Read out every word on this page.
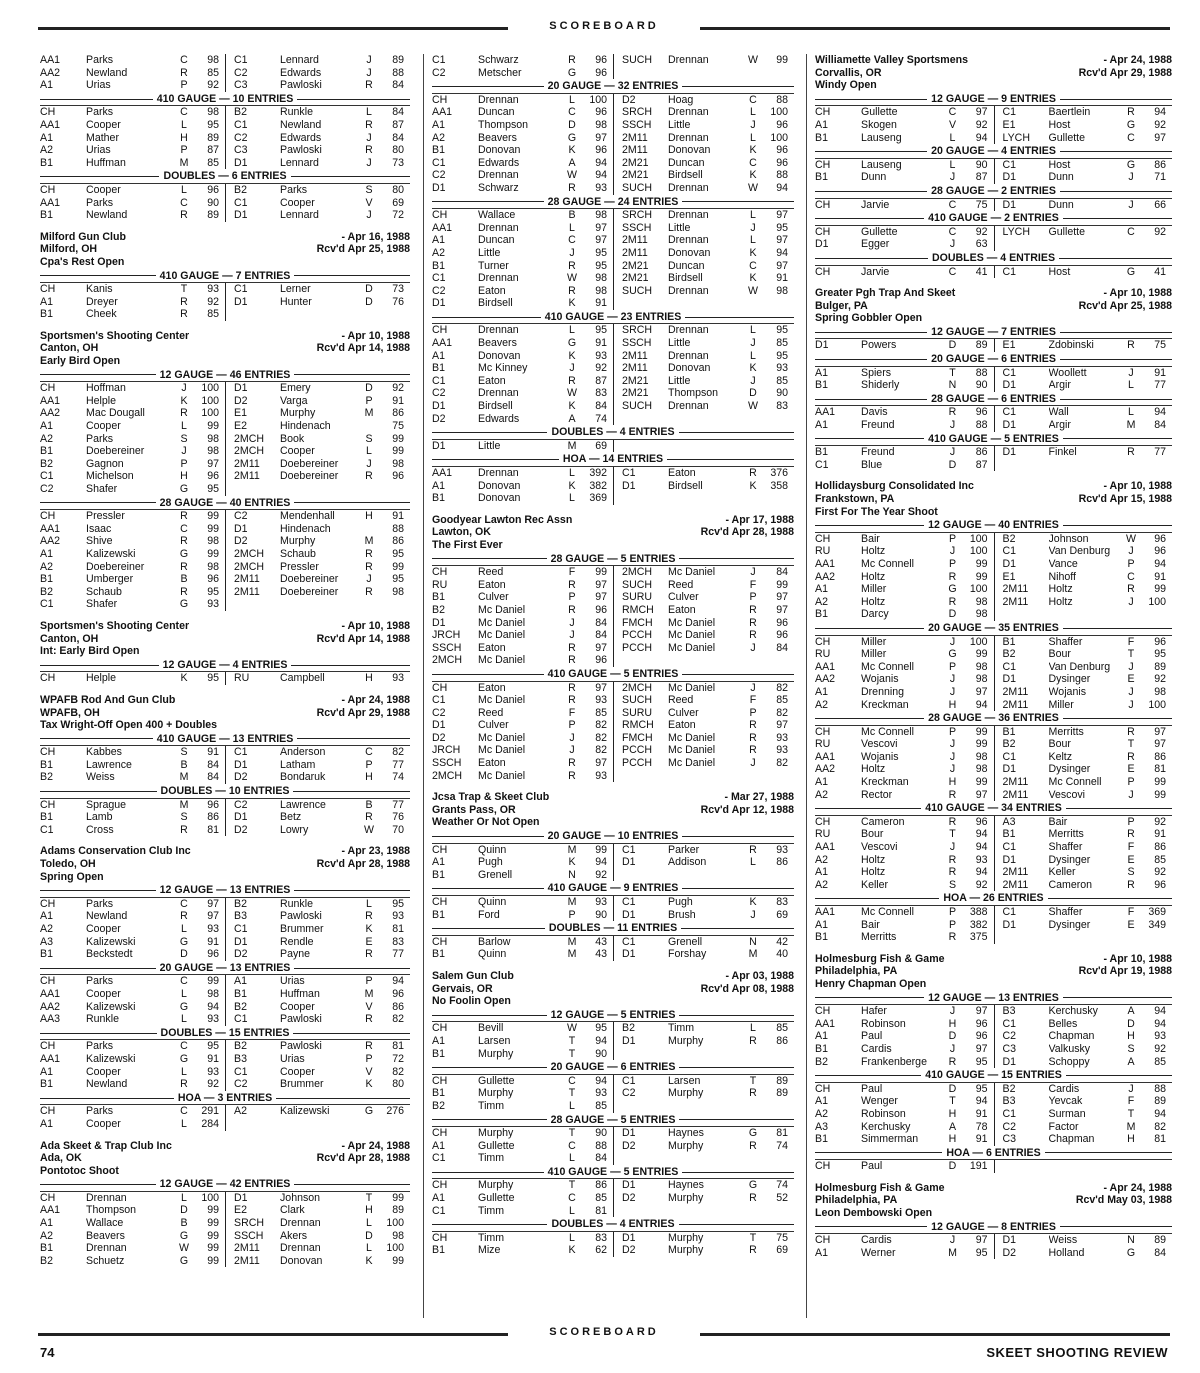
SCOREBOARD
AA1	Parks	C	98	C1	Lennard	J	89
AA2	Newland	R	85	C2	Edwards	J	88
A1	Urias	P	92	C3	Pawloski	R	84
410 GAUGE — 10 ENTRIES
CH	Parks	C	98	B2	Runkle	L	84
AA1	Cooper	L	95	C1	Newland	R	87
A1	Mather	H	89	C2	Edwards	J	84
A2	Urias	P	87	C3	Pawloski	R	80
B1	Huffman	M	85	D1	Lennard	J	73
DOUBLES — 6 ENTRIES
CH	Cooper	L	96	B2	Parks	S	80
AA1	Parks	C	90	C1	Cooper	V	69
B1	Newland	R	89	D1	Lennard	J	72
Milford Gun Club	- Apr 16, 1988
Milford, OH	Rcv'd Apr 25, 1988
Cpa's Rest Open
410 GAUGE — 7 ENTRIES
CH	Kanis	T	93	C1	Lerner	D	73
A1	Dreyer	R	92	D1	Hunter	D	76
B1	Cheek	R	85
Sportsmen's Shooting Center	- Apr 10, 1988
Canton, OH	Rcv'd Apr 14, 1988
Early Bird Open
12 GAUGE — 46 ENTRIES
CH	Hoffman	J	100	D1	Emery	D	92
AA1	Helple	K	100	D2	Varga	P	91
AA2	Mac Dougall	R	100	E1	Murphy	M	86
A1	Cooper	L	99	E2	Hindenach	75
A2	Parks	S	98	2MCH	Book	S	99
B1	Doebereiner	J	98	2MCH	Cooper	L	99
B2	Gagnon	P	97	2M11	Doebereiner	J	98
C1	Michelson	H	96	2M11	Doebereiner	R	96
C2	Shafer	G	95
28 GAUGE — 40 ENTRIES
CH	Pressler	R	99	C2	Mendenhall	H	91
AA1	Isaac	C	99	D1	Hindenach	88
AA2	Shive	R	98	D2	Murphy	M	86
A1	Kalizewski	G	99	2MCH	Schaub	R	95
A2	Doebereiner	R	98	2MCH	Pressler	R	99
B1	Umberger	B	96	2M11	Doebereiner	J	95
B2	Schaub	R	95	2M11	Doebereiner	R	98
C1	Shafer	G	93
Sportsmen's Shooting Center	- Apr 10, 1988
Canton, OH	Rcv'd Apr 14, 1988
Int: Early Bird Open
12 GAUGE — 4 ENTRIES
CH	Helple	K	95	RU	Campbell	H	93
WPAFB Rod And Gun Club	- Apr 24, 1988
WPAFB, OH	Rcv'd Apr 29, 1988
Tax Wright-Off Open 400 + Doubles
410 GAUGE — 13 ENTRIES
CH	Kabbes	S	91	C1	Anderson	C	82
B1	Lawrence	B	84	D1	Latham	P	77
B2	Weiss	M	84	D2	Bondaruk	H	74
DOUBLES — 10 ENTRIES
CH	Sprague	M	96	C2	Lawrence	B	77
B1	Lamb	S	86	D1	Betz	R	76
C1	Cross	R	81	D2	Lowry	W	70
Adams Conservation Club Inc	- Apr 23, 1988
Toledo, OH	Rcv'd Apr 28, 1988
Spring Open
12 GAUGE — 13 ENTRIES
CH	Parks	C	97	B2	Runkle	L	95
A1	Newland	R	97	B3	Pawloski	R	93
A2	Cooper	L	93	C1	Brummer	K	81
A3	Kalizewski	G	91	D1	Rendle	E	83
B1	Beckstedt	D	96	D2	Payne	R	77
20 GAUGE — 13 ENTRIES
CH	Parks	C	99	A1	Urias	P	94
AA1	Cooper	L	98	B1	Huffman	M	96
AA2	Kalizewski	G	94	B2	Cooper	V	86
AA3	Runkle	L	93	C1	Pawloski	R	82
DOUBLES — 15 ENTRIES
CH	Parks	C	95	B2	Pawloski	R	81
AA1	Kalizewski	G	91	B3	Urias	P	72
A1	Cooper	L	93	C1	Cooper	V	82
B1	Newland	R	92	C2	Brummer	K	80
HOA — 3 ENTRIES
CH	Parks	C	291	A2	Kalizewski	G	276
A1	Cooper	L	284
Ada Skeet & Trap Club Inc	- Apr 24, 1988
Ada, OK	Rcv'd Apr 28, 1988
Pontotoc Shoot
12 GAUGE — 42 ENTRIES
CH	Drennan	L	100	D1	Johnson	T	99
AA1	Thompson	D	99	E2	Clark	H	89
A1	Wallace	B	99	SRCH	Drennan	L	100
A2	Beavers	G	99	SSCH	Akers	D	98
B1	Drennan	W	99	2M11	Drennan	L	100
B2	Schuetz	G	99	2M11	Donovan	K	99
C1	Schwarz	R	96	SUCH	Drennan	W	99
C2	Metscher	G	96
20 GAUGE — 32 ENTRIES
CH	Drennan	L	100	D2	Hoag	C	88
AA1	Duncan	C	96	SRCH	Drennan	L	100
A1	Thompson	D	98	SSCH	Little	J	96
A2	Beavers	G	97	2M11	Drennan	L	100
B1	Donovan	K	96	2M11	Donovan	K	96
C1	Edwards	A	94	2M21	Duncan	C	96
C2	Drennan	W	94	2M21	Birdsell	K	88
D1	Schwarz	R	93	SUCH	Drennan	W	94
28 GAUGE — 24 ENTRIES
CH	Wallace	B	98	SRCH	Drennan	L	97
AA1	Drennan	L	97	SSCH	Little	J	95
A1	Duncan	C	97	2M11	Drennan	L	97
A2	Little	J	95	2M11	Donovan	K	94
B1	Turner	R	95	2M21	Duncan	C	97
C1	Drennan	W	98	2M21	Birdsell	K	91
C2	Eaton	R	98	SUCH	Drennan	W	98
D1	Birdsell	K	91
410 GAUGE — 23 ENTRIES
CH	Drennan	L	95	SRCH	Drennan	L	95
AA1	Beavers	G	91	SSCH	Little	J	85
A1	Donovan	K	93	2M11	Drennan	L	95
B1	Mc Kinney	J	92	2M11	Donovan	K	93
C1	Eaton	R	87	2M21	Little	J	85
C2	Drennan	W	83	2M21	Thompson	D	90
D1	Birdsell	K	84	SUCH	Drennan	W	83
D2	Edwards	A	74
DOUBLES — 4 ENTRIES
D1	Little	M	69
HOA — 14 ENTRIES
AA1	Drennan	L	392	C1	Eaton	R	376
A1	Donovan	K	382	D1	Birdsell	K	358
B1	Donovan	L	369
Goodyear Lawton Rec Assn	- Apr 17, 1988
Lawton, OK	Rcv'd Apr 28, 1988
The First Ever
28 GAUGE — 5 ENTRIES
CH	Reed	F	99	2MCH	Mc Daniel	J	84
RU	Eaton	R	97	SUCH	Reed	F	99
B1	Culver	P	97	SURU	Culver	P	97
B2	Mc Daniel	R	96	RMCH	Eaton	R	97
D1	Mc Daniel	J	84	FMCH	Mc Daniel	R	96
JRCH	Mc Daniel	J	84	PCCH	Mc Daniel	R	96
SSCH	Eaton	R	97	PCCH	Mc Daniel	J	84
2MCH	Mc Daniel	R	96
410 GAUGE — 5 ENTRIES
CH	Eaton	R	97	2MCH	Mc Daniel	J	82
C1	Mc Daniel	R	93	SUCH	Reed	F	85
C2	Reed	F	85	SURU	Culver	P	82
D1	Culver	P	82	RMCH	Eaton	R	97
D2	Mc Daniel	J	82	FMCH	Mc Daniel	R	93
JRCH	Mc Daniel	J	82	PCCH	Mc Daniel	R	93
SSCH	Eaton	R	97	PCCH	Mc Daniel	J	82
2MCH	Mc Daniel	R	93
Jcsa Trap & Skeet Club	- Mar 27, 1988
Grants Pass, OR	Rcv'd Apr 12, 1988
Weather Or Not Open
20 GAUGE — 10 ENTRIES
CH	Quinn	M	99	C1	Parker	R	93
A1	Pugh	K	94	D1	Addison	L	86
B1	Grenell	N	92
410 GAUGE — 9 ENTRIES
CH	Quinn	M	93	C1	Pugh	K	83
B1	Ford	P	90	D1	Brush	J	69
DOUBLES — 11 ENTRIES
CH	Barlow	M	43	C1	Grenell	N	42
B1	Quinn	M	43	D1	Forshay	M	40
Salem Gun Club	- Apr 03, 1988
Gervais, OR	Rcv'd Apr 08, 1988
No Foolin Open
12 GAUGE — 5 ENTRIES
CH	Bevill	W	95	B2	Timm	L	85
A1	Larsen	T	94	D1	Murphy	R	86
B1	Murphy	T	90
20 GAUGE — 6 ENTRIES
CH	Gullette	C	94	C1	Larsen	T	89
B1	Murphy	T	93	C2	Murphy	R	89
B2	Timm	L	85
28 GAUGE — 5 ENTRIES
CH	Murphy	T	90	D1	Haynes	G	81
A1	Gullette	C	88	D2	Murphy	R	74
C1	Timm	L	84
410 GAUGE — 5 ENTRIES
CH	Murphy	T	86	D1	Haynes	G	74
A1	Gullette	C	85	D2	Murphy	R	52
C1	Timm	L	81
DOUBLES — 4 ENTRIES
CH	Timm	L	83	D1	Murphy	T	75
B1	Mize	K	62	D2	Murphy	R	69
Williamette Valley Sportsmens	- Apr 24, 1988
Corvallis, OR	Rcv'd Apr 29, 1988
Windy Open
12 GAUGE — 9 ENTRIES
CH	Gullette	C	97	C1	Baertlein	R	94
A1	Skogen	V	92	E1	Host	G	92
B1	Lauseng	L	94	LYCH	Gullette	C	97
20 GAUGE — 4 ENTRIES
CH	Lauseng	L	90	C1	Host	G	86
B1	Dunn	J	87	D1	Dunn	J	71
28 GAUGE — 2 ENTRIES
CH	Jarvie	C	75	D1	Dunn	J	66
410 GAUGE — 2 ENTRIES
CH	Gullette	C	92	LYCH	Gullette	C	92
D1	Egger	J	63
DOUBLES — 4 ENTRIES
CH	Jarvie	C	41	C1	Host	G	41
Greater Pgh Trap And Skeet	- Apr 10, 1988
Bulger, PA	Rcv'd Apr 25, 1988
Spring Gobbler Open
12 GAUGE — 7 ENTRIES
D1	Powers	D	89	E1	Zdobinski	R	75
20 GAUGE — 6 ENTRIES
A1	Spiers	T	88	C1	Woollett	J	91
B1	Shiderly	N	90	D1	Argir	L	77
28 GAUGE — 6 ENTRIES
AA1	Davis	R	96	C1	Wall	L	94
A1	Freund	J	88	D1	Argir	M	84
410 GAUGE — 5 ENTRIES
B1	Freund	J	86	D1	Finkel	R	77
C1	Blue	D	87
Hollidaysburg Consolidated Inc	- Apr 10, 1988
Frankstown, PA	Rcv'd Apr 15, 1988
First For The Year Shoot
12 GAUGE — 40 ENTRIES
CH	Bair	P	100	B2	Johnson	W	96
RU	Holtz	J	100	C1	Van Denburg	J	96
AA1	Mc Connell	P	99	D1	Vance	P	94
AA2	Holtz	R	99	E1	Nihoff	C	91
A1	Miller	G	100	2M11	Holtz	R	99
A2	Holtz	R	98	2M11	Holtz	J	100
B1	Darcy	D	98
20 GAUGE — 35 ENTRIES
CH	Miller	J	100	B1	Shaffer	F	96
RU	Miller	G	99	B2	Bour	T	95
AA1	Mc Connell	P	98	C1	Van Denburg	J	89
AA2	Wojanis	J	98	D1	Dysinger	E	92
A1	Drenning	J	97	2M11	Wojanis	J	98
A2	Kreckman	H	94	2M11	Miller	J	100
28 GAUGE — 36 ENTRIES
CH	Mc Connell	P	99	B1	Merritts	R	97
RU	Vescovi	J	99	B2	Bour	T	97
AA1	Wojanis	J	98	C1	Keltz	R	86
AA2	Holtz	J	98	D1	Dysinger	E	81
A1	Kreckman	H	99	2M11	Mc Connell	P	99
A2	Rector	R	97	2M11	Vescovi	J	99
410 GAUGE — 34 ENTRIES
CH	Cameron	R	96	A3	Bair	P	92
RU	Bour	T	94	B1	Merritts	R	91
AA1	Vescovi	J	94	C1	Shaffer	F	86
A2	Holtz	R	93	D1	Dysinger	E	85
A1	Holtz	R	94	2M11	Keller	S	92
A2	Keller	S	92	2M11	Cameron	R	96
HOA — 26 ENTRIES
AA1	Mc Connell	P	388	C1	Shaffer	F	369
A1	Bair	P	382	D1	Dysinger	E	349
B1	Merritts	R	375
Holmesburg Fish & Game	- Apr 10, 1988
Philadelphia, PA	Rcv'd Apr 19, 1988
Henry Chapman Open
12 GAUGE — 13 ENTRIES
CH	Hafer	J	97	B3	Kerchusky	A	94
AA1	Robinson	H	96	C1	Belles	D	94
A1	Paul	D	96	C2	Chapman	H	93
B1	Cardis	J	97	C3	Valkusky	S	92
B2	Frankenberge	R	95	D1	Schoppy	A	85
410 GAUGE — 15 ENTRIES
CH	Paul	D	95	B2	Cardis	J	88
A1	Wenger	T	94	B3	Yevcak	F	89
A2	Robinson	H	91	C1	Surman	T	94
A3	Kerchusky	A	78	C2	Factor	M	82
B1	Simmerman	H	91	C3	Chapman	H	81
HOA — 6 ENTRIES
CH	Paul	D	191
Holmesburg Fish & Game	- Apr 24, 1988
Philadelphia, PA	Rcv'd May 03, 1988
Leon Dembowski Open
12 GAUGE — 8 ENTRIES
CH	Cardis	J	97	D1	Weiss	N	89
A1	Werner	M	95	D2	Holland	G	84
SCOREBOARD
74	SKEET SHOOTING REVIEW
